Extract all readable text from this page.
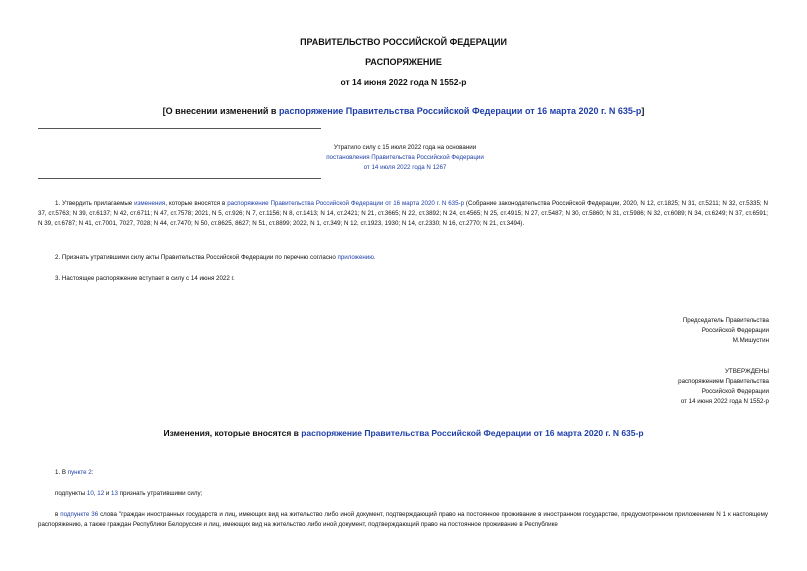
ПРАВИТЕЛЬСТВО РОССИЙСКОЙ ФЕДЕРАЦИИ
РАСПОРЯЖЕНИЕ
от 14 июня 2022 года N 1552-р
[О внесении изменений в распоряжение Правительства Российской Федерации от 16 марта 2020 г. N 635-р]
Утратило силу с 15 июля 2022 года на основании
постановления Правительства Российской Федерации
от 14 июля 2022 года N 1267
1. Утвердить прилагаемые изменения, которые вносятся в распоряжение Правительства Российской Федерации от 16 марта 2020 г. N 635-р (Собрание законодательства Российской Федерации, 2020, N 12, ст.1825; N 31, ст.5211; N 32, ст.5335; N 37, ст.5763; N 39, ст.6137; N 42, ст.6711; N 47, ст.7578; 2021, N 5, ст.926; N 7, ст.1156; N 8, ст.1413; N 14, ст.2421; N 21, ст.3665; N 22, ст.3892; N 24, ст.4565; N 25, ст.4915; N 27, ст.5487; N 30, ст.5860; N 31, ст.5986; N 32, ст.6089; N 34, ст.6249; N 37, ст.6591; N 39, ст.6787; N 41, ст.7001, 7027, 7028; N 44, ст.7470; N 50, ст.8625, 8627; N 51, ст.8899; 2022, N 1, ст.349; N 12, ст.1923, 1930; N 14, ст.2330; N 16, ст.2770; N 21, ст.3494).
2. Признать утратившими силу акты Правительства Российской Федерации по перечню согласно приложению.
3. Настоящее распоряжение вступает в силу с 14 июня 2022 г.
Председатель Правительства
Российской Федерации
М.Мишустин
УТВЕРЖДЕНЫ
распоряжением Правительства
Российской Федерации
от 14 июня 2022 года N 1552-р
Изменения, которые вносятся в распоряжение Правительства Российской Федерации от 16 марта 2020 г. N 635-р
1. В пункте 2:
подпункты 10, 12 и 13 признать утратившими силу;
в подпункте 36 слова "граждан иностранных государств и лиц, имеющих вид на жительство либо иной документ, подтверждающий право на постоянное проживание в иностранном государстве, предусмотренном приложением N 1 к настоящему распоряжению, а также граждан Республики Белоруссия и лиц, имеющих вид на жительство либо иной документ, подтверждающий право на постоянное проживание в Республике
